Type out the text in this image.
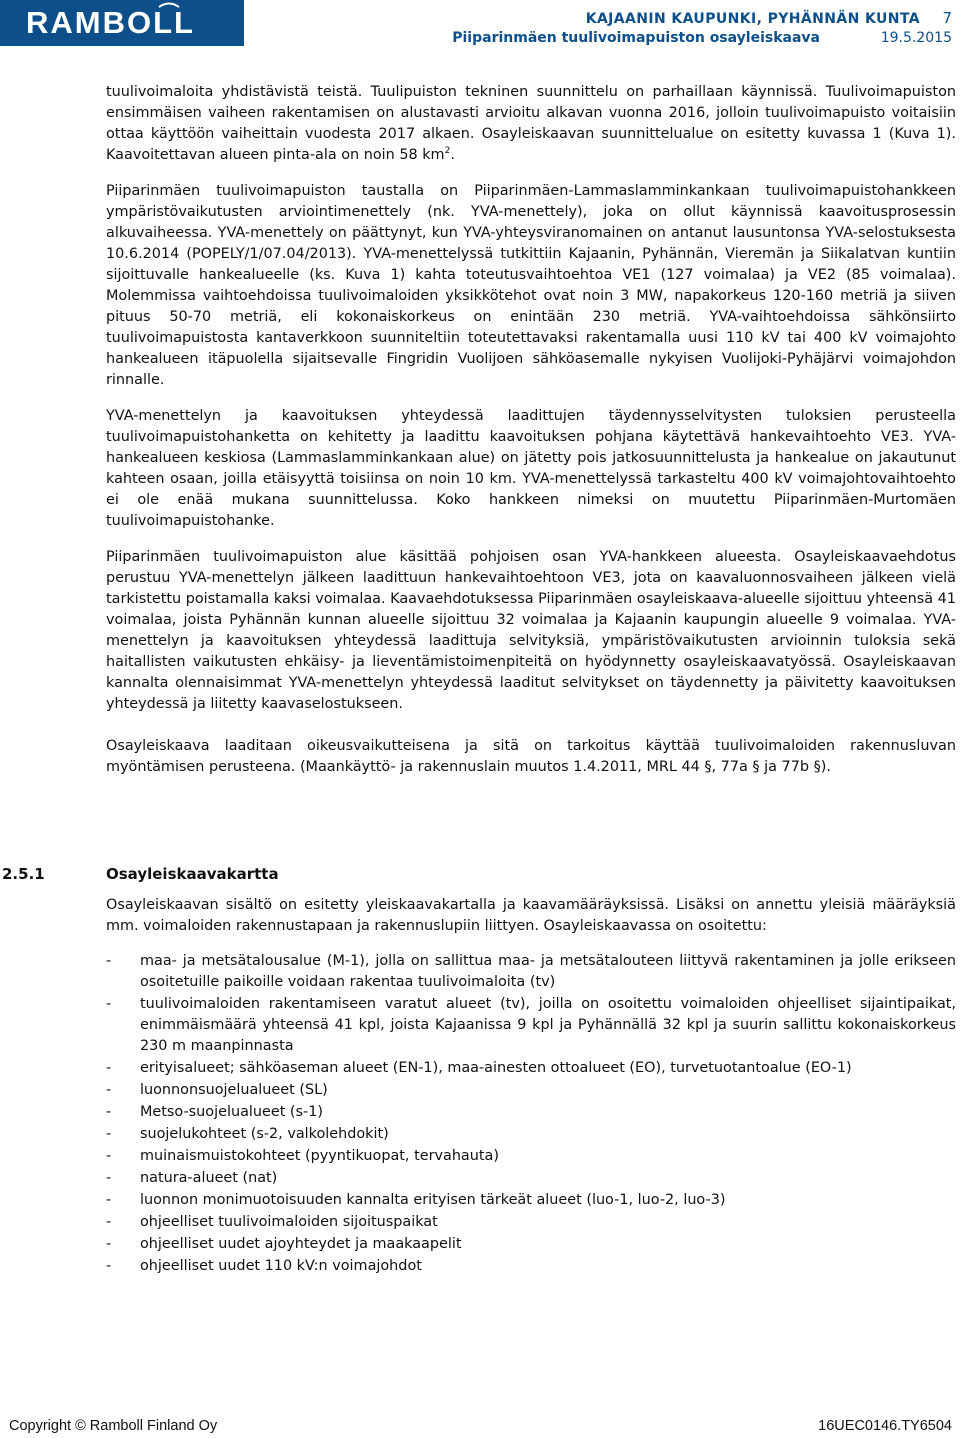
RAMBOLL	KAJAANIN KAUPUNKI, PYHÄNNÄN KUNTA 7
Piiparinmäen tuulivoimapuiston osayleiskaava	19.5.2015

tuulivoimaloita yhdistävistä teistä. Tuulipuiston tekninen suunnittelu on parhaillaan käynnissä. Tuulivoimapuiston ensimmäisen vaiheen rakentamisen on alustavasti arvioitu alkavan vuonna 2016, jolloin tuulivoimapuisto voitaisiin ottaa käyttöön vaiheittain vuodesta 2017 alkaen. Osayleiskaavan suunnittelualue on esitetty kuvassa 1 (Kuva 1). Kaavoitettavan alueen pinta-ala on noin 58 $km^2$.

Piiparinmäen tuulivoimapuiston taustalla on Piiparinmäen-Lammaslamminkankaan tuulivoimapuistohankkeen ympäristövaikutusten arviointimenettely (nk. YVA-menettely), joka on ollut käynnissä kaavoitusprosessin alkuvaiheessa. YVA-menettely on päättynyt, kun YVA-yhteysviranomainen on antanut lausuntonsa YVA-selostuksesta 10.6.2014 (POPELY/1/07.04/2013). YVA-menettelyssä tutkittiin Kajaanin, Pyhännän, Vieremän ja Siikalatvan kuntiin sijoittuvalle hankealueelle (ks. Kuva 1) kahta toteutusvaihtoehtoa VE1 (127 voimalaa) ja VE2 (85 voimalaa). Molemmissa vaihtoehdoissa tuulivoimaloiden yksikkötehot ovat noin 3 MW, napakorkeus 120-160 metriä ja siiven pituus 50-70 metriä, eli kokonaiskorkeus on enintään 230 metriä. YVA-vaihtoehdoissa sähkönsiirto tuulivoimapuistosta kantaverkkoon suunniteltiin toteutettavaksi rakentamalla uusi 110 kV tai 400 kV voimajohto hankealueen itäpuolella sijaitsevalle Fingridin Vuolijoen sähköasemalle nykyisen Vuolijoki-Pyhäjärvi voimajohdon rinnalle.

YVA-menettelyn ja kaavoituksen yhteydessä laadittujen täydennysselvitysten tuloksien perusteella tuulivoimapuistohanketta on kehitetty ja laadittu kaavoituksen pohjana käytettävä hankevaihtoehto VE3. YVA-hankealueen keskiosa (Lammaslamminkankaan alue) on jätetty pois jatkosuunnittelusta ja hankealue on jakautunut kahteen osaan, joilla etäisyyttä toisiinsa on noin 10 km. YVA-menettelyssä tarkasteltu 400 kV voimajohtovaihtoehto ei ole enää mukana suunnittelussa. Koko hankkeen nimeksi on muutettu Piiparinmäen-Murtomäen tuulivoimapuistohanke.

Piiparinmäen tuulivoimapuiston alue käsittää pohjoisen osan YVA-hankkeen alueesta. Osayleiskaavaehdotus perustuu YVA-menettelyn jälkeen laadittuun hankevaihtoehtoon VE3, jota on kaavaluonnosvaiheen jälkeen vielä tarkistettu poistamalla kaksi voimalaa. Kaavaehdotuksessa Piiparinmäen osayleiskaava-alueelle sijoittuu yhteensä 41 voimalaa, joista Pyhännän kunnan alueelle sijoittuu 32 voimalaa ja Kajaanin kaupungin alueelle 9 voimalaa. YVA-menettelyn ja kaavoituksen yhteydessä laadittuja selvityksiä, ympäristövaikutusten arvioinnin tuloksia sekä haitallisten vaikutusten ehkäisy- ja lieventämistoimenpiteitä on hyödynnetty osayleiskaavatyössä. Osayleiskaavan kannalta olennaisimmat YVA-menettelyn yhteydessä laaditut selvitykset on täydennetty ja päivitetty kaavoituksen yhteydessä ja liitetty kaavaselostukseen.

Osayleiskaava laaditaan oikeusvaikutteisena ja sitä on tarkoitus käyttää tuulivoimaloiden rakennusluvan myöntämisen perusteena. (Maankäyttö- ja rakennuslain muutos 1.4.2011, MRL 44 §, 77a § ja 77b §).

2.5.1	Osayleiskaavakartta

Osayleiskaavan sisältö on esitetty yleiskaavakartalla ja kaavamääräyksissä. Lisäksi on annettu yleisiä määräyksiä mm. voimaloiden rakennustapaan ja rakennuslupiin liittyen. Osayleiskaavassa on osoitettu:

- maa- ja metsätalousalue (M-1), jolla on sallittua maa- ja metsätalouteen liittyvä rakentaminen ja jolle erikseen osoitetuille paikoille voidaan rakentaa tuulivoimaloita (tv)
- tuulivoimaloiden rakentamiseen varatut alueet (tv), joilla on osoitettu voimaloiden ohjeelliset sijaintipaikat, enimmäismäärä yhteensä 41 kpl, joista Kajaanissa 9 kpl ja Pyhännällä 32 kpl ja suurin sallittu kokonaiskorkeus 230 m maanpinnasta
- erityisalueet; sähköaseman alueet (EN-1), maa-ainesten ottoalueet (EO), turvetuotantoalue (EO-1)
- luonnonsuojelualueet (SL)
- Metso-suojelualueet (s-1)
- suojelukohteet (s-2, valkolehdokit)
- muinaismuistokohteet (pyyntikuopat, tervahauta)
- natura-alueet (nat)
- luonnon monimuotoisuuden kannalta erityisen tärkeät alueet (luo-1, luo-2, luo-3)
- ohjeelliset tuulivoimaloiden sijoituspaikat
- ohjeelliset uudet ajoyhteydet ja maakaapelit
- ohjeelliset uudet 110 kV:n voimajohdot
Copyright © Ramboll Finland Oy	16UEC0146.TY6504
